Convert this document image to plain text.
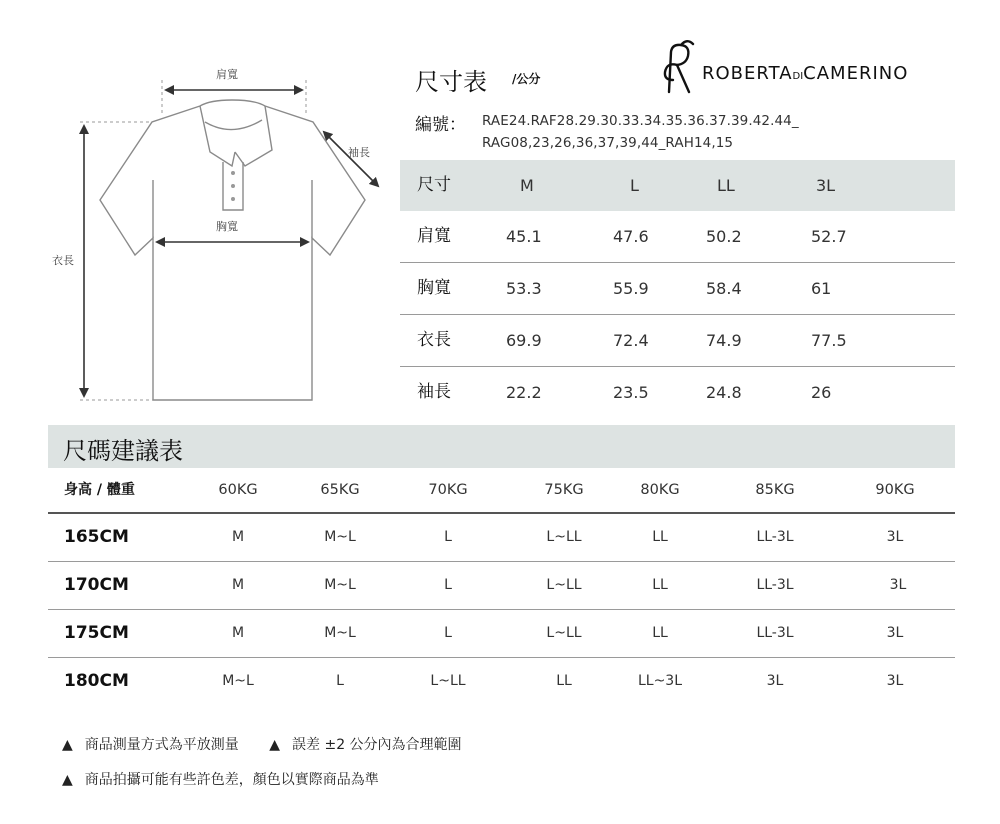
肩寬
胸寬
袖長
衣長
尺寸表 /公分	ROBERTADICAMERINO
編號： RAE24.RAF28.29.30.33.34.35.36.37.39.42.44_
RAG08,23,26,36,37,39,44_RAH14,15
尺寸	M	L	LL	3L
肩寬	45.1	47.6	50.2	52.7
胸寬	53.3	55.9	58.4	61
衣長	69.9	72.4	74.9	77.5
袖長	22.2	23.5	24.8	26
尺碼建議表
身高 / 體重	60KG	65KG	70KG	75KG	80KG	85KG	90KG
165CM	M	M~L	L	L~LL	LL	LL-3L	3L
170CM	M	M~L	L	L~LL	LL	LL-3L	3L
175CM	M	M~L	L	L~LL	LL	LL-3L	3L
180CM	M~L	L	L~LL	LL	LL~3L	3L	3L
▲ 商品測量方式為平放測量 ▲ 誤差 ±2 公分內為合理範圍
▲ 商品拍攝可能有些許色差，顏色以實際商品為準
